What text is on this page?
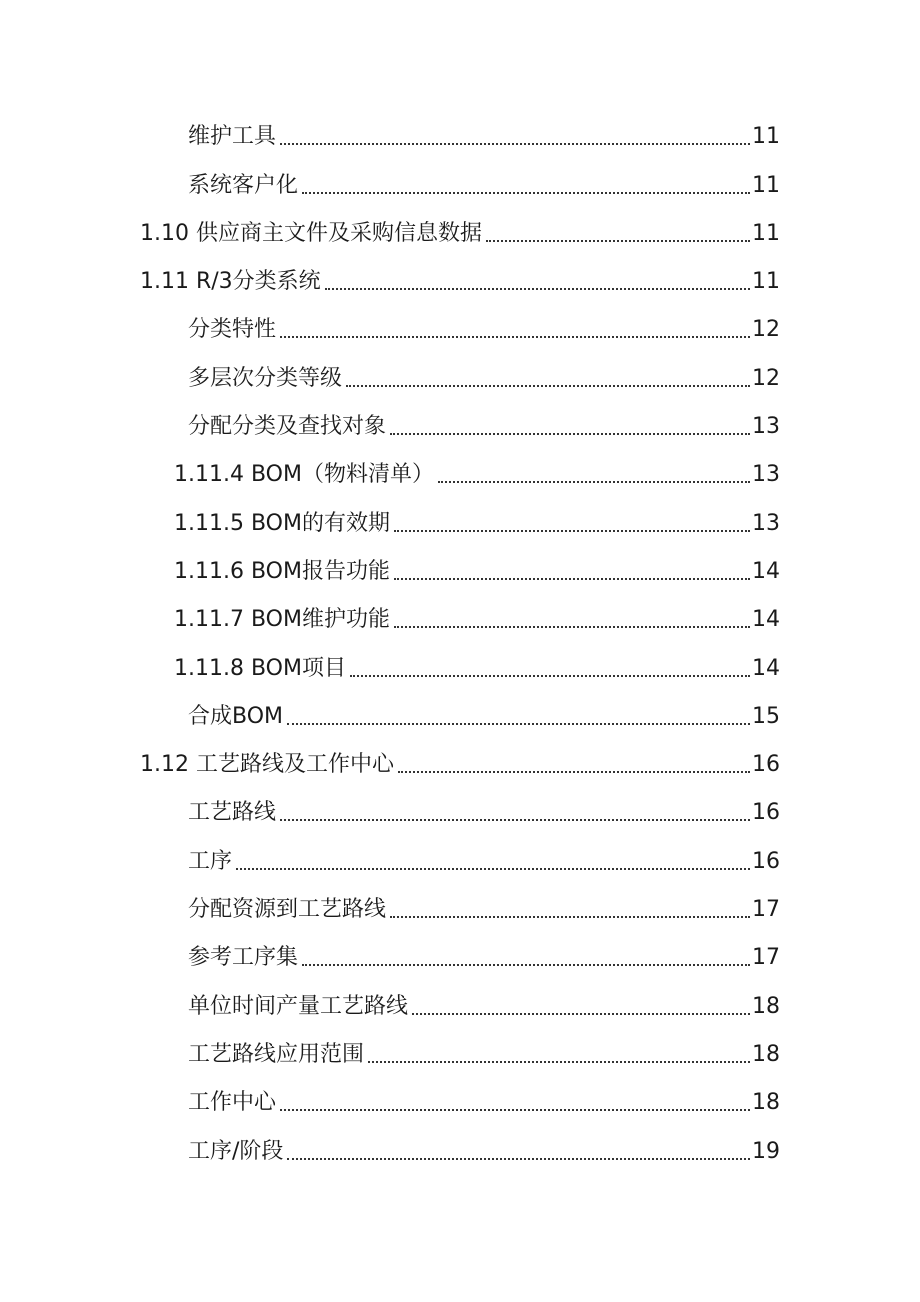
维护工具	11
系统客户化	11
1.10 供应商主文件及采购信息数据	11
1.11 R/3分类系统	11
分类特性	12
多层次分类等级	12
分配分类及查找对象	13
1.11.4 BOM（物料清单）	13
1.11.5 BOM的有效期	13
1.11.6 BOM报告功能	14
1.11.7 BOM维护功能	14
1.11.8 BOM项目	14
合成BOM	15
1.12 工艺路线及工作中心	16
工艺路线	16
工序	16
分配资源到工艺路线	17
参考工序集	17
单位时间产量工艺路线	18
工艺路线应用范围	18
工作中心	18
工序/阶段	19
